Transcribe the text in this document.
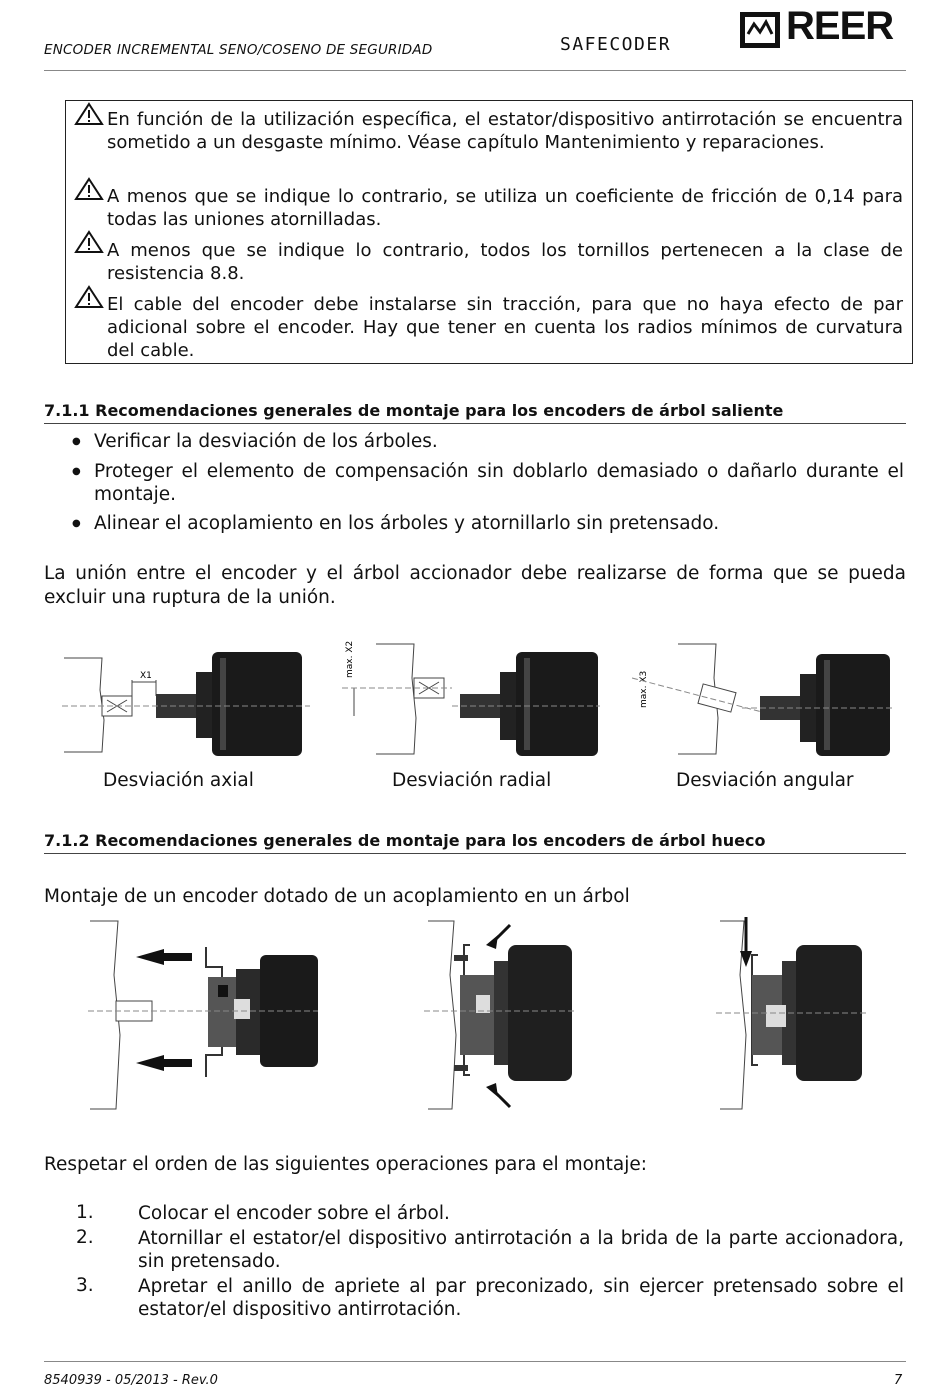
ENCODER INCREMENTAL SENO/COSENO DE SEGURIDAD	SAFECODER	REER
En función de la utilización específica, el estator/dispositivo antirrotación se encuentra sometido a un desgaste mínimo. Véase capítulo Mantenimiento y reparaciones.
A menos que se indique lo contrario, se utiliza un coeficiente de fricción de 0,14 para todas las uniones atornilladas.
A menos que se indique lo contrario, todos los tornillos pertenecen a la clase de resistencia 8.8.
El cable del encoder debe instalarse sin tracción, para que no haya efecto de par adicional sobre el encoder. Hay que tener en cuenta los radios mínimos de curvatura del cable.
7.1.1 Recomendaciones generales de montaje para los encoders de árbol saliente
● Verificar la desviación de los árboles.
● Proteger el elemento de compensación sin doblarlo demasiado o dañarlo durante el montaje.
● Alinear el acoplamiento en los árboles y atornillarlo sin pretensado.
La unión entre el encoder y el árbol accionador debe realizarse de forma que se pueda excluir una ruptura de la unión.
X1	max. X2
max. X3
Desviación axial	Desviación radial	Desviación angular
7.1.2 Recomendaciones generales de montaje para los encoders de árbol hueco
Montaje de un encoder dotado de un acoplamiento en un árbol
Respetar el orden de las siguientes operaciones para el montaje:
1. Colocar el encoder sobre el árbol.
2. Atornillar el estator/el dispositivo antirrotación a la brida de la parte accionadora, sin pretensado.
3. Apretar el anillo de apriete al par preconizado, sin ejercer pretensado sobre el estator/el dispositivo antirrotación.
8540939 - 05/2013 - Rev.0	7
